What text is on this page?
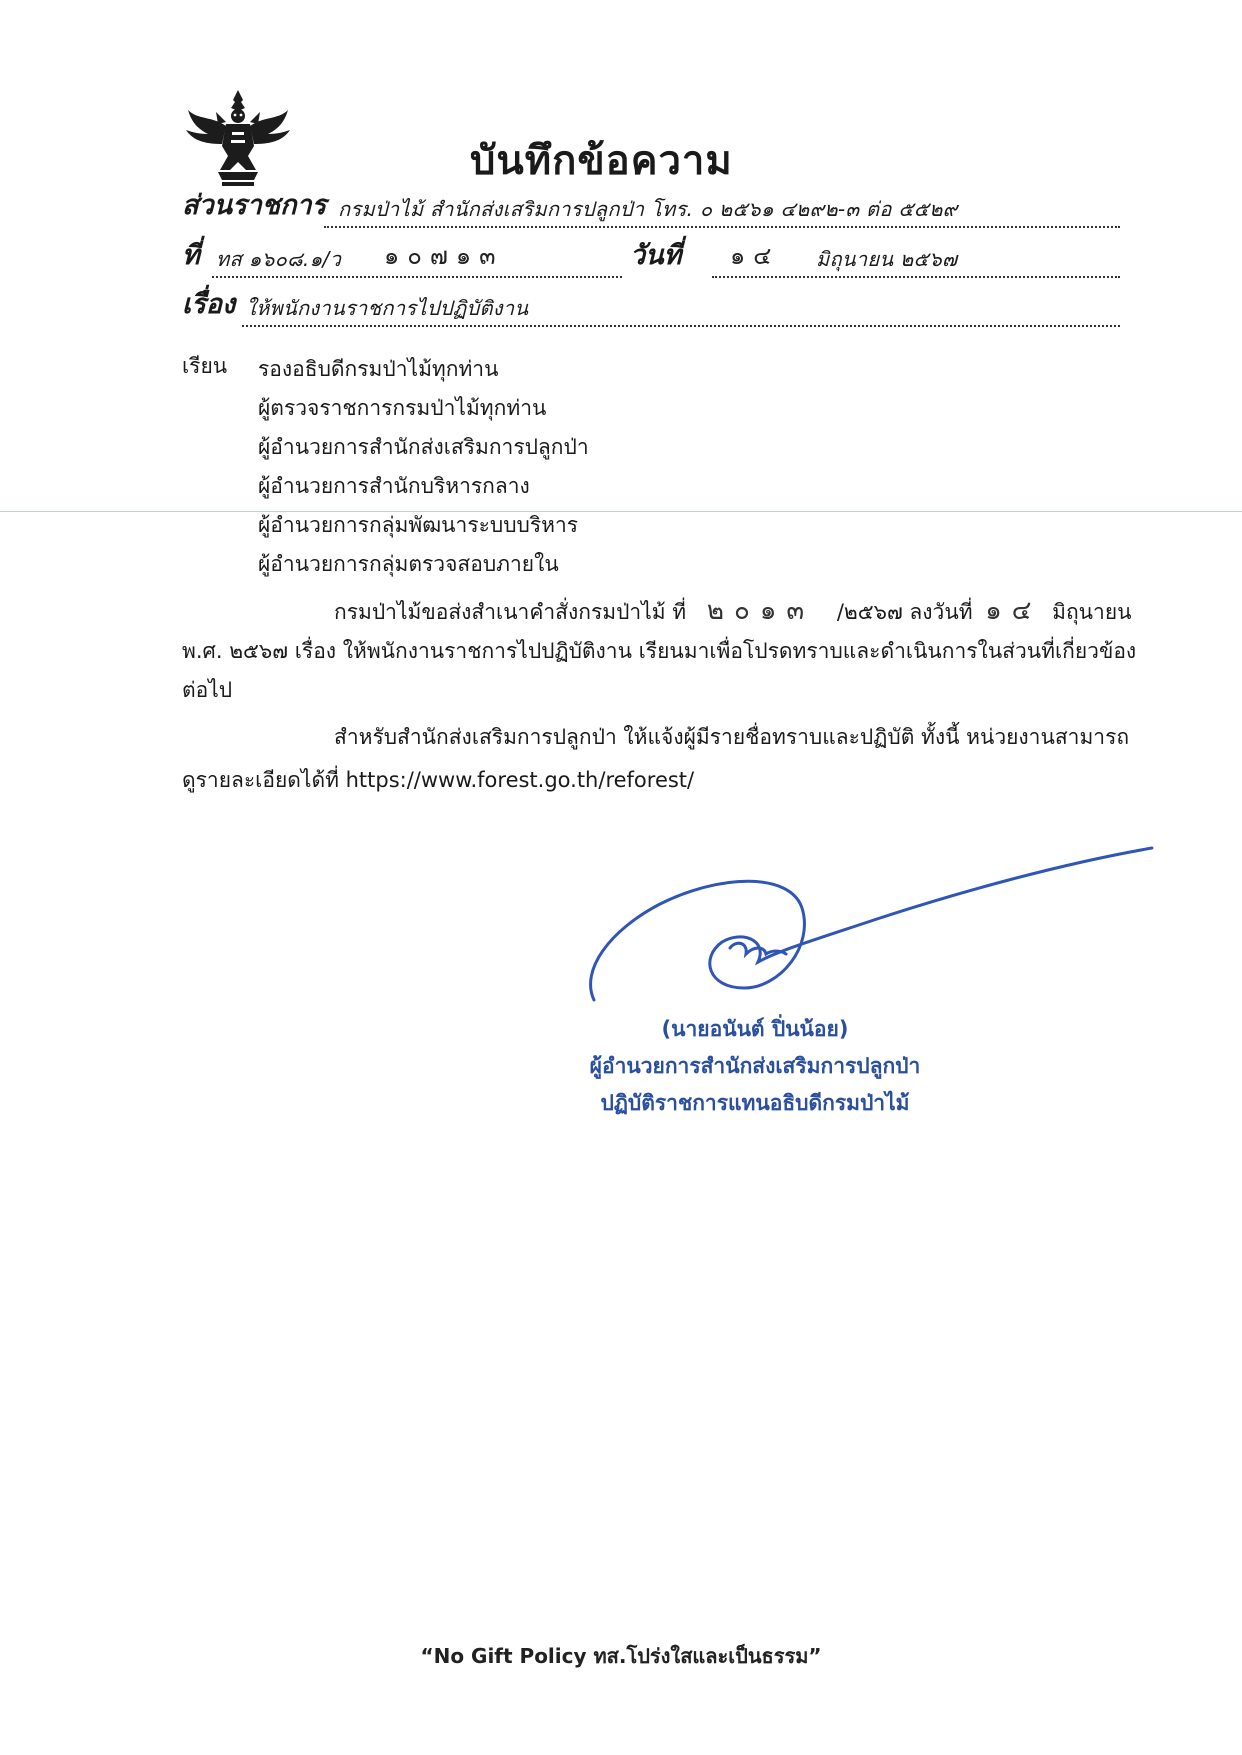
บันทึกข้อความ
ส่วนราชการ กรมป่าไม้ สำนักส่งเสริมการปลูกป่า โทร. ๐ ๒๕๖๑ ๔๒๙๒-๓ ต่อ ๕๕๒๙
ที่ ทส ๑๖๐๘.๑/ว ๑๐๗๑๓	วันที่ ๑๔ มิถุนายน ๒๕๖๗
เรื่อง ให้พนักงานราชการไปปฏิบัติงาน
เรียน รองอธิบดีกรมป่าไม้ทุกท่าน
ผู้ตรวจราชการกรมป่าไม้ทุกท่าน
ผู้อำนวยการสำนักส่งเสริมการปลูกป่า
ผู้อำนวยการสำนักบริหารกลาง
ผู้อำนวยการกลุ่มพัฒนาระบบบริหาร
ผู้อำนวยการกลุ่มตรวจสอบภายใน
กรมป่าไม้ขอส่งสำเนาคำสั่งกรมป่าไม้ ที่ ๒๐๑๓ /๒๕๖๗ ลงวันที่ ๑๔ มิถุนายน
พ.ศ. ๒๕๖๗ เรื่อง ให้พนักงานราชการไปปฏิบัติงาน เรียนมาเพื่อโปรดทราบและดำเนินการในส่วนที่เกี่ยวข้อง
ต่อไป
สำหรับสำนักส่งเสริมการปลูกป่า ให้แจ้งผู้มีรายชื่อทราบและปฏิบัติ ทั้งนี้ หน่วยงานสามารถ
ดูรายละเอียดได้ที่ https://www.forest.go.th/reforest/
(นายอนันต์ ปิ่นน้อย)
ผู้อำนวยการสำนักส่งเสริมการปลูกป่า
ปฏิบัติราชการแทนอธิบดีกรมป่าไม้
“No Gift Policy ทส.โปร่งใสและเป็นธรรม”
